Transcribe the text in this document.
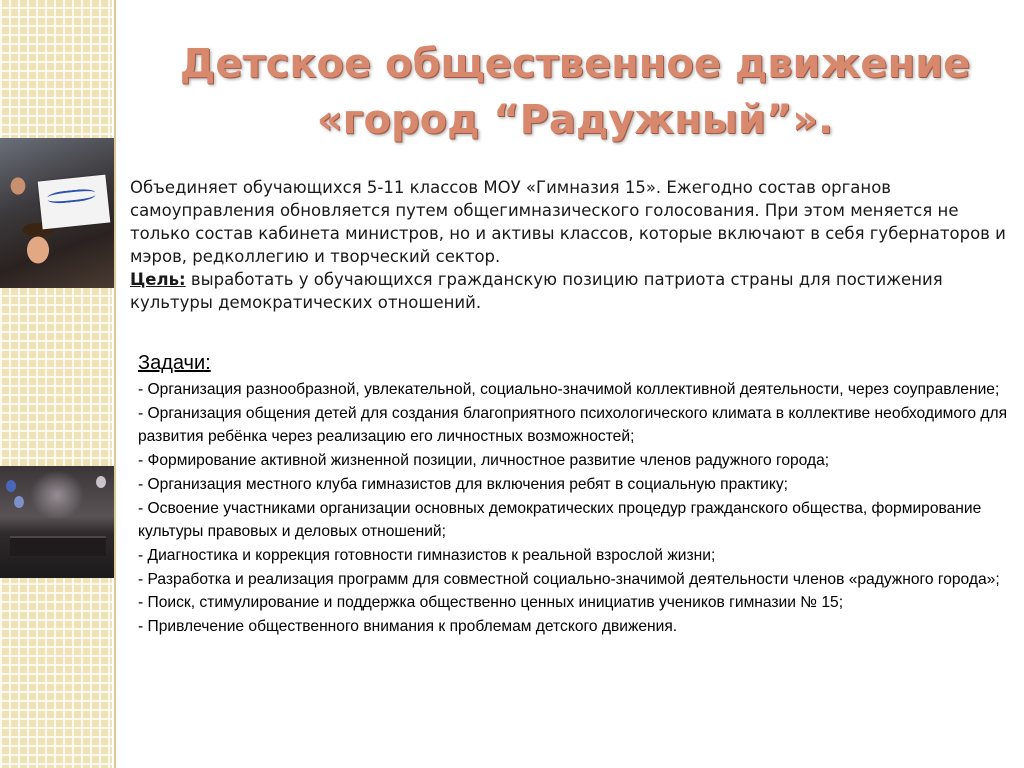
Детское общественное движение
«город “Радужный”».

Объединяет обучающихся 5-11 классов МОУ «Гимназия 15». Ежегодно состав органов самоуправления обновляется путем общегимназического голосования. При этом меняется не только состав кабинета министров, но и активы классов, которые включают в себя губернаторов и мэров, редколлегию и творческий сектор.

Цель: выработать у обучающихся гражданскую позицию патриота страны для постижения культуры демократических отношений.

Задачи:
- Организация разнообразной, увлекательной, социально-значимой коллективной деятельности, через соуправление;
- Организация общения детей для создания благоприятного психологического климата в коллективе необходимого для развития ребёнка через реализацию его личностных возможностей;
- Формирование активной жизненной позиции, личностное развитие членов радужного города;
- Организация местного клуба гимназистов для включения ребят в социальную практику;
- Освоение участниками организации основных демократических процедур гражданского общества, формирование культуры правовых и деловых отношений;
- Диагностика и коррекция готовности гимназистов к реальной взрослой жизни;
- Разработка и реализация программ для совместной социально-значимой деятельности членов «радужного города»;
- Поиск, стимулирование и поддержка общественно ценных инициатив учеников гимназии № 15;
- Привлечение общественного внимания к проблемам детского движения.
